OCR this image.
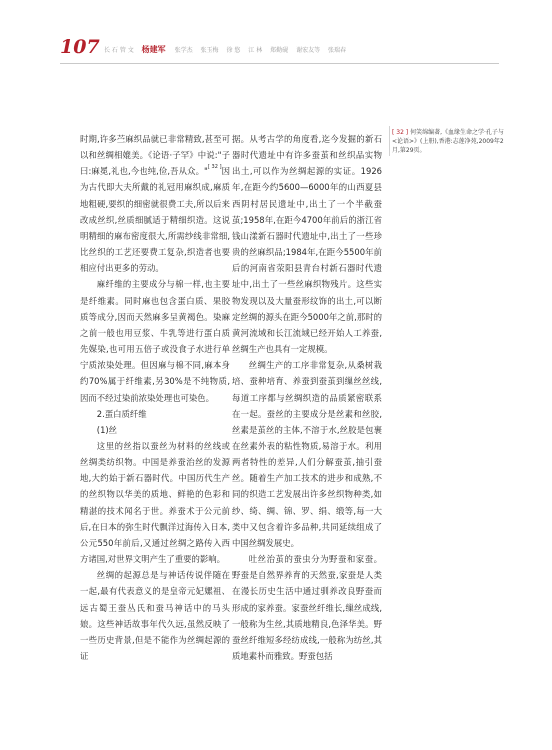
107 长 石 管 文 杨建军 张学杰 张玉梅 徐 悠 江 林 郑勤砚 谢宏友等 张瑞春

时期,许多苎麻织品就已非常精致,甚至可以和丝绸相媲美。《论语·子罕》中说:"子曰:麻冕,礼也,今也纯,俭,吾从众。"[ 32 ]因为古代即大夫所戴的礼冠用麻织成,麻质地粗硬,要织的细密就很费工夫,所以后来改成丝织,丝质细腻适于精细织造。这说明精细的麻布密度很大,所需纱线非常细,比丝织的工艺还要费工复杂,织造者也要相应付出更多的劳动。

麻纤维的主要成分与棉一样,也主要是纤维素。同时麻也包含蛋白质、果胶质等成分,因而天然麻多呈黄褐色。染麻之前一般也用豆浆、牛乳等进行蛋白质先媒染,也可用五倍子或没食子水进行单宁质浓染处理。但因麻与棉不同,麻本身约70%属于纤维素,另30%是不纯物质,因而不经过染前浓染处理也可染色。

2.蛋白质纤维

(1)丝

这里的丝指以蚕丝为材料的丝线或丝绸类纺织物。中国是养蚕治丝的发源地,大约始于新石器时代。中国历代生产的丝织物以华美的质地、鲜艳的色彩和精湛的技术闻名于世。养蚕术于公元前后,在日本的弥生时代飘洋过海传入日本,公元550年前后,又通过丝绸之路传入西方诸国,对世界文明产生了重要的影响。

丝绸的起源总是与神话传说伴随在一起,最有代表意义的是皇帝元妃嫘祖、远古蜀王蚕丛氏和蚕马神话中的马头娘。这些神话故事年代久远,虽然反映了一些历史背景,但是不能作为丝绸起源的证

据。从考古学的角度看,迄今发掘的新石器时代遗址中有许多蚕茧和丝织品实物出土,可以作为丝绸起源的实证。1926年,在距今约5600—6000年的山西夏县西阴村居民遗址中,出土了一个半截蚕茧;1958年,在距今4700年前后的浙江省钱山漾新石器时代遗址中,出土了一些珍贵的丝麻织品;1984年,在距今5500年前后的河南省荥阳县青台村新石器时代遗址中,出土了一些丝麻织物残片。这些实物发现以及大量蚕形纹饰的出土,可以断定丝绸的源头在距今5000年之前,那时的黄河流域和长江流域已经开始人工养蚕,丝绸生产也具有一定规模。

丝绸生产的工序非常复杂,从桑树栽培、蚕种培育、养蚕到蚕茧到缫丝丝线,每道工序都与丝绸织造的品质紧密联系在一起。蚕丝的主要成分是丝素和丝胶,丝素是茧丝的主体,不溶于水,丝胶是包裹在丝素外表的粘性物质,易溶于水。利用两者特性的差异,人们分解蚕茧,抽引蚕丝。随着生产加工技术的进步和成熟,不同的织造工艺发展出许多丝织物种类,如纱、绮、绸、锦、罗、绢、缎等,每一大类中又包含着许多品种,共同延续组成了中国丝绸发展史。

吐丝治茧的蚕虫分为野蚕和家蚕。野蚕是自然界养育的天然蚕,家蚕是人类在漫长历史生活中通过驯养改良野蚕而形成的家养蚕。家蚕丝纤维长,缫丝成线,一般称为生丝,其质地精良,色泽华美。野蚕丝纤维短多经纺成线,一般称为纺丝,其质地素朴而雅致。野蚕包括

[ 32 ] 何笑绵编著,《血缘生命之学·孔子与<论语>》(上册),香港:志莲净苑,2009年2月,第29页。
